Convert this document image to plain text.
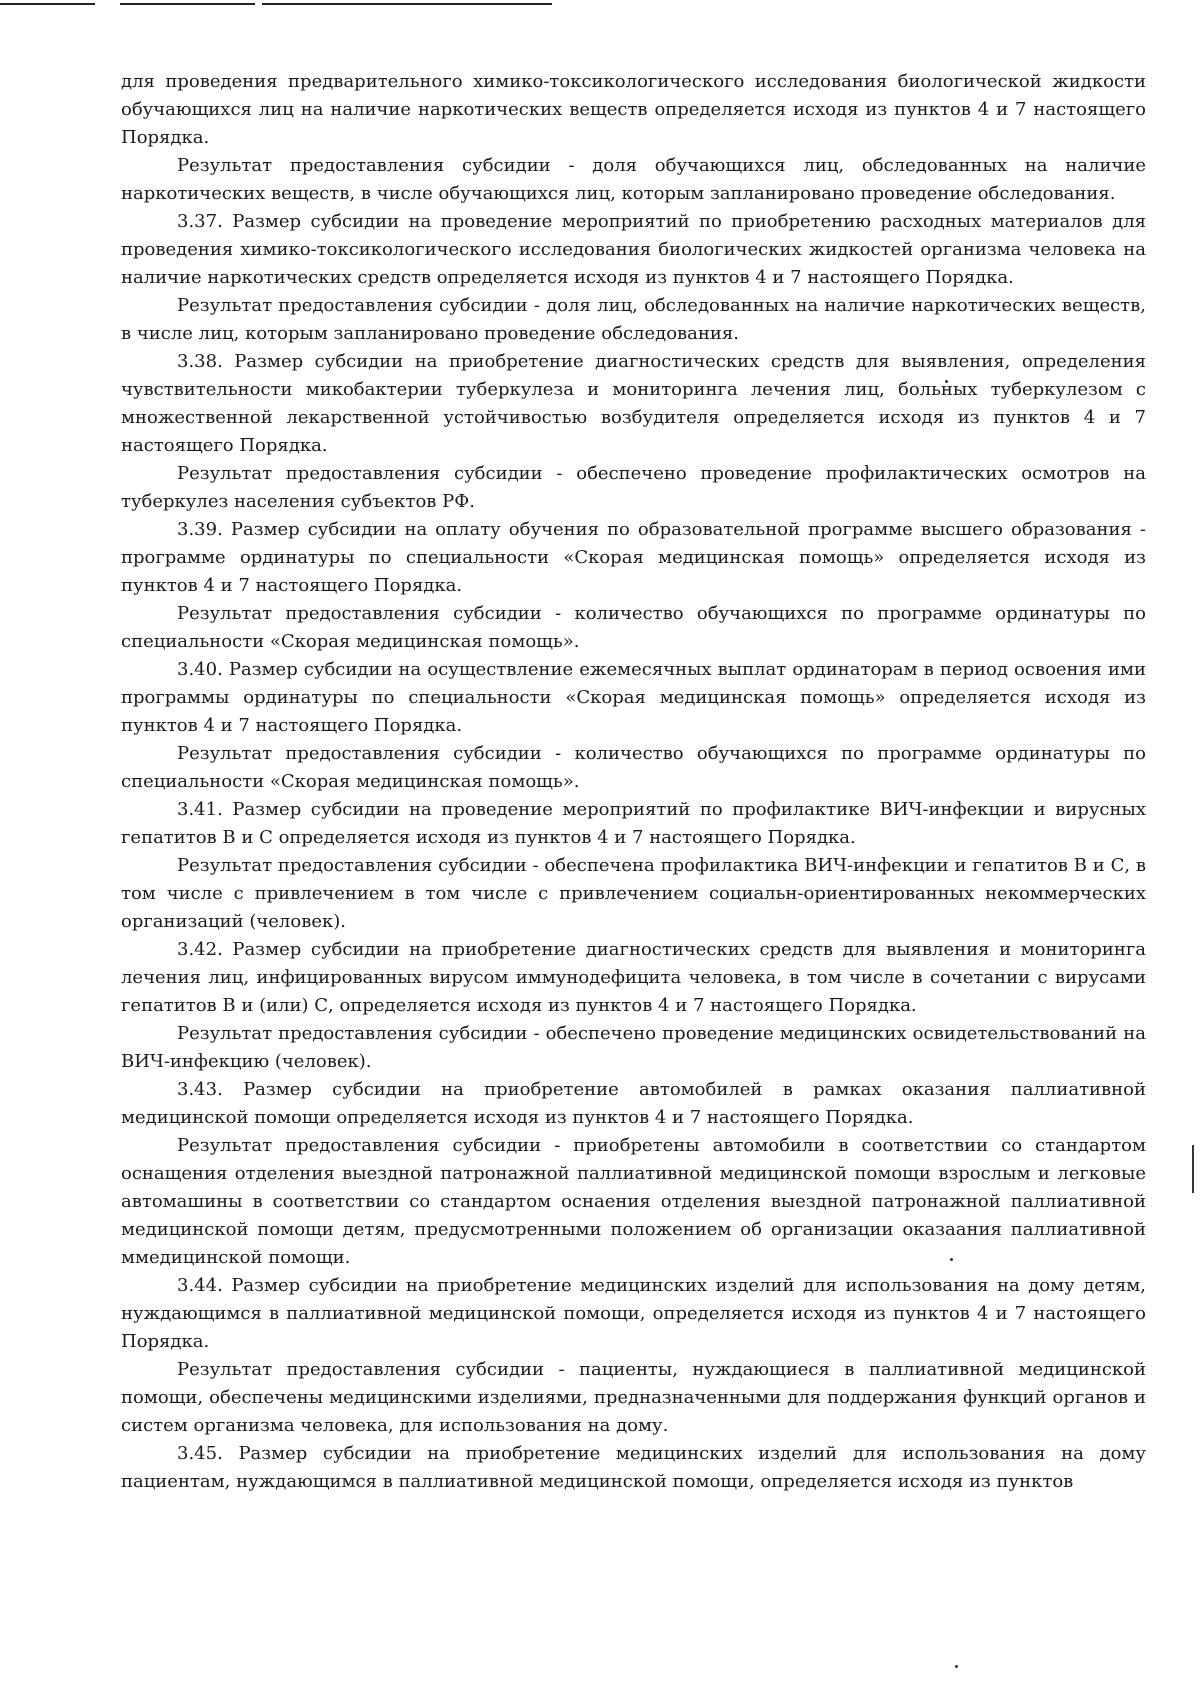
для проведения предварительного химико-токсикологического исследования биологической жидкости обучающихся лиц на наличие наркотических веществ определяется исходя из пунктов 4 и 7 настоящего Порядка.

Результат предоставления субсидии - доля обучающихся лиц, обследованных на наличие наркотических веществ, в числе обучающихся лиц, которым запланировано проведение обследования.

3.37. Размер субсидии на проведение мероприятий по приобретению расходных материалов для проведения химико-токсикологического исследования биологических жидкостей организма человека на наличие наркотических средств определяется исходя из пунктов 4 и 7 настоящего Порядка.

Результат предоставления субсидии - доля лиц, обследованных на наличие наркотических веществ, в числе лиц, которым запланировано проведение обследования.

3.38. Размер субсидии на приобретение диагностических средств для выявления, определения чувствительности микобактерии туберкулеза и мониторинга лечения лиц, больных туберкулезом с множественной лекарственной устойчивостью возбудителя определяется исходя из пунктов 4 и 7 настоящего Порядка.

Результат предоставления субсидии - обеспечено проведение профилактических осмотров на туберкулез населения субъектов РФ.

3.39. Размер субсидии на оплату обучения по образовательной программе высшего образования - программе ординатуры по специальности «Скорая медицинская помощь» определяется исходя из пунктов 4 и 7 настоящего Порядка.

Результат предоставления субсидии - количество обучающихся по программе ординатуры по специальности «Скорая медицинская помощь».

3.40. Размер субсидии на осуществление ежемесячных выплат ординаторам в период освоения ими программы ординатуры по специальности «Скорая медицинская помощь» определяется исходя из пунктов 4 и 7 настоящего Порядка.

Результат предоставления субсидии - количество обучающихся по программе ординатуры по специальности «Скорая медицинская помощь».

3.41. Размер субсидии на проведение мероприятий по профилактике ВИЧ-инфекции и вирусных гепатитов В и С определяется исходя из пунктов 4 и 7 настоящего Порядка.

Результат предоставления субсидии - обеспечена профилактика ВИЧ-инфекции и гепатитов В и С, в том числе с привлечением в том числе с привлечением социальн-ориентированных некоммерческих организаций (человек).

3.42. Размер субсидии на приобретение диагностических средств для выявления и мониторинга лечения лиц, инфицированных вирусом иммунодефицита человека, в том числе в сочетании с вирусами гепатитов В и (или) С, определяется исходя из пунктов 4 и 7 настоящего Порядка.

Результат предоставления субсидии - обеспечено проведение медицинских освидетельствований на ВИЧ-инфекцию (человек).

3.43. Размер субсидии на приобретение автомобилей в рамках оказания паллиативной медицинской помощи определяется исходя из пунктов 4 и 7 настоящего Порядка.

Результат предоставления субсидии - приобретены автомобили в соответствии со стандартом оснащения отделения выездной патронажной паллиативной медицинской помощи взрослым и легковые автомашины в соответствии со стандартом оснаения отделения выездной патронажной паллиативной медицинской помощи детям, предусмотренными положением об организации оказаания паллиативной ммедицинской помощи.

3.44. Размер субсидии на приобретение медицинских изделий для использования на дому детям, нуждающимся в паллиативной медицинской помощи, определяется исходя из пунктов 4 и 7 настоящего Порядка.

Результат предоставления субсидии - пациенты, нуждающиеся в паллиативной медицинской помощи, обеспечены медицинскими изделиями, предназначенными для поддержания функций органов и систем организма человека, для использования на дому.

3.45. Размер субсидии на приобретение медицинских изделий для использования на дому пациентам, нуждающимся в паллиативной медицинской помощи, определяется исходя из пунктов
